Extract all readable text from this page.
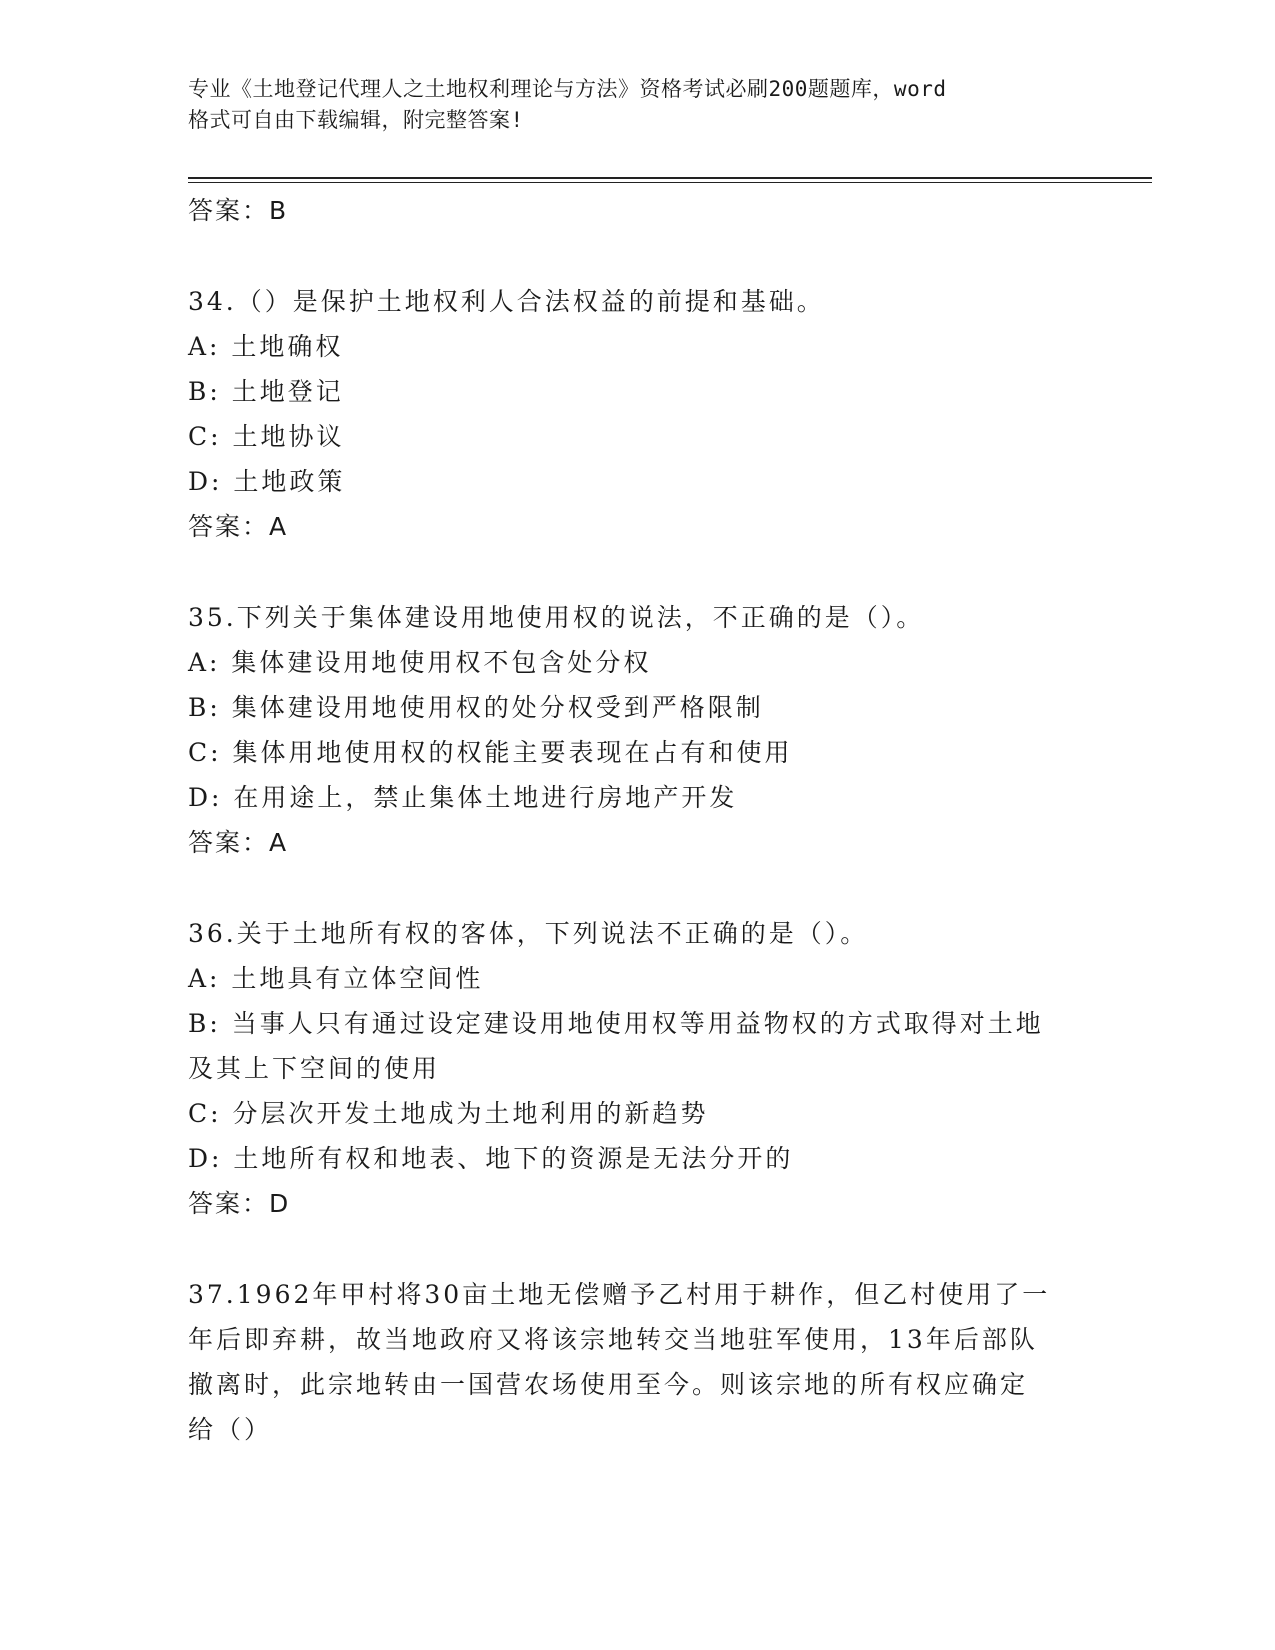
专业《土地登记代理人之土地权利理论与方法》资格考试必刷200题题库，word
格式可自由下载编辑，附完整答案!
答案：B
34.（）是保护土地权利人合法权益的前提和基础。
A: 土地确权
B: 土地登记
C: 土地协议
D: 土地政策
答案：A
35.下列关于集体建设用地使用权的说法，不正确的是（）。
A: 集体建设用地使用权不包含处分权
B: 集体建设用地使用权的处分权受到严格限制
C: 集体用地使用权的权能主要表现在占有和使用
D: 在用途上，禁止集体土地进行房地产开发
答案：A
36.关于土地所有权的客体，下列说法不正确的是（）。
A: 土地具有立体空间性
B: 当事人只有通过设定建设用地使用权等用益物权的方式取得对土地
及其上下空间的使用
C: 分层次开发土地成为土地利用的新趋势
D: 土地所有权和地表、地下的资源是无法分开的
答案：D
37.1962年甲村将30亩土地无偿赠予乙村用于耕作，但乙村使用了一
年后即弃耕，故当地政府又将该宗地转交当地驻军使用，13年后部队
撤离时，此宗地转由一国营农场使用至今。则该宗地的所有权应确定
给（）
